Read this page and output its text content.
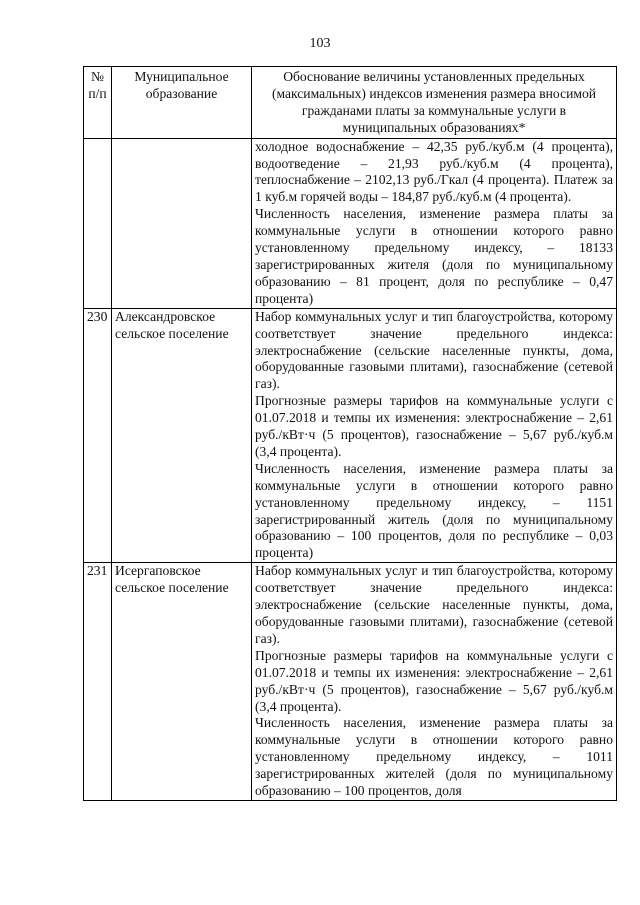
103
№ п/п	Муниципальное образование	Обоснование величины установленных предельных (максимальных) индексов изменения размера вносимой гражданами платы за коммунальные услуги в муниципальных образованиях*

		холодное водоснабжение – 42,35 руб./куб.м (4 процента), водоотведение – 21,93 руб./куб.м (4 процента), теплоснабжение – 2102,13 руб./Гкал (4 процента). Платеж за 1 куб.м горячей воды – 184,87 руб./куб.м (4 процента).

Численность населения, изменение размера платы за коммунальные услуги в отношении которого равно установленному предельному индексу, – 18133 зарегистрированных жителя (доля по муниципальному образованию – 81 процент, доля по республике – 0,47 процента)

230	Александровское сельское поселение	Набор коммунальных услуг и тип благоустройства, которому соответствует значение предельного индекса: электроснабжение (сельские населенные пункты, дома, оборудованные газовыми плитами), газоснабжение (сетевой газ).

Прогнозные размеры тарифов на коммунальные услуги с 01.07.2018 и темпы их изменения: электроснабжение – 2,61 руб./кВт·ч (5 процентов), газоснабжение – 5,67 руб./куб.м (3,4 процента).

Численность населения, изменение размера платы за коммунальные услуги в отношении которого равно установленному предельному индексу, – 1151 зарегистрированный житель (доля по муниципальному образованию – 100 процентов, доля по республике – 0,03 процента)

231	Исергаповское сельское поселение	Набор коммунальных услуг и тип благоустройства, которому соответствует значение предельного индекса: электроснабжение (сельские населенные пункты, дома, оборудованные газовыми плитами), газоснабжение (сетевой газ).

Прогнозные размеры тарифов на коммунальные услуги с 01.07.2018 и темпы их изменения: электроснабжение – 2,61 руб./кВт·ч (5 процентов), газоснабжение – 5,67 руб./куб.м (3,4 процента).

Численность населения, изменение размера платы за коммунальные услуги в отношении которого равно установленному предельному индексу, – 1011 зарегистрированных жителей (доля по муниципальному образованию – 100 процентов, доля
